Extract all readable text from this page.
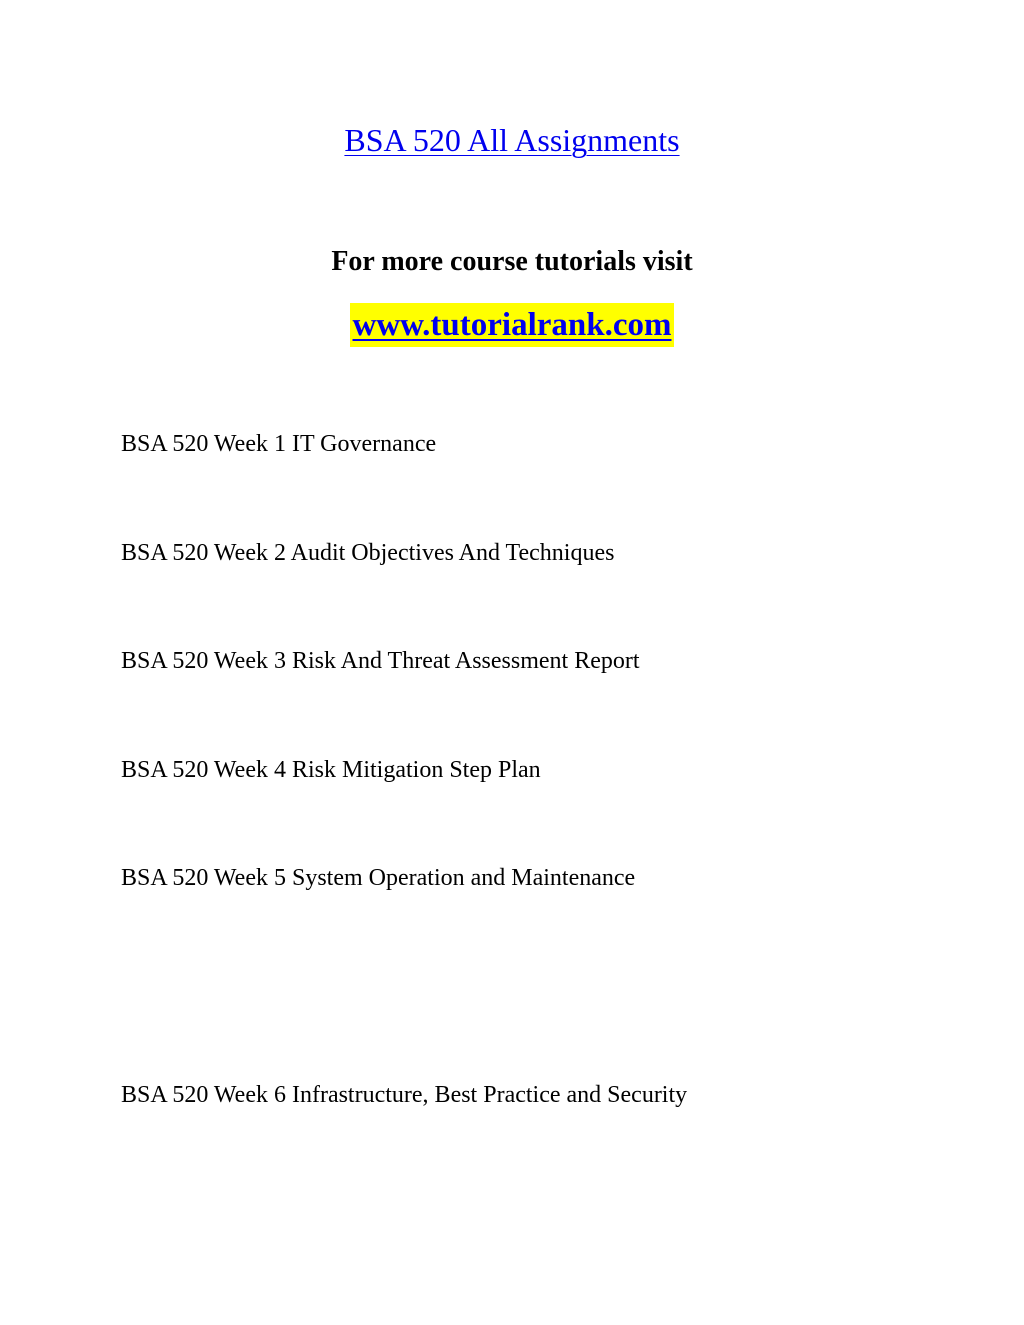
BSA 520 All Assignments
For more course tutorials visit
www.tutorialrank.com
BSA 520 Week 1 IT Governance
BSA 520 Week 2 Audit Objectives And Techniques
BSA 520 Week 3 Risk And Threat Assessment Report
BSA 520 Week 4 Risk Mitigation Step Plan
BSA 520 Week 5 System Operation and Maintenance
BSA 520 Week 6 Infrastructure, Best Practice and Security
